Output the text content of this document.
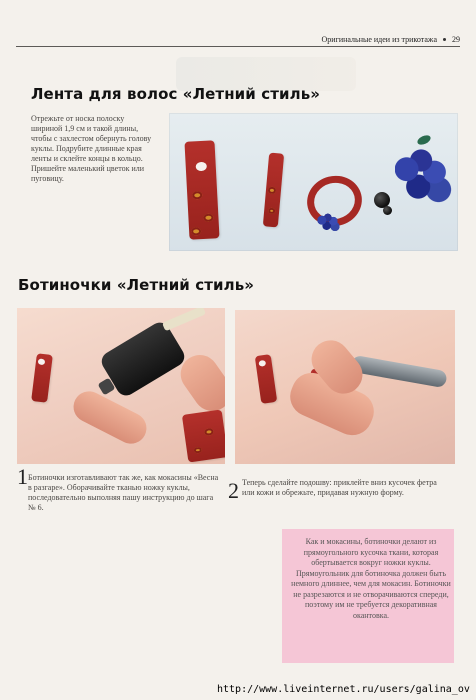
Оригинальные идеи из трикотажа 29
Лента для волос «Летний стиль»
Отрежьте от носка полоску шириной 1,9 см и такой длины, чтобы с захлестом обернуть голову куклы. Подрубите длинные края ленты и склейте концы в кольцо. Пришейте маленький цветок или пуговицу.
Ботиночки «Летний стиль»
1 Ботиночки изготавливают так же, как мокасины «Весна в разгаре». Оборачивайте тканью ножку куклы, последовательно выполняя пашу инструкцию до шага № 6.
2 Теперь сделайте подошву: приклейте вниз кусочек фетра или кожи и обрежьте, придавая нужную форму.
Как и мокасины, ботиночки делают из прямоугольного кусочка ткани, которая обертывается вокруг ножки куклы. Прямоугольник для ботиночка должен быть немного длиннее, чем для мокасин. Ботиночки не разрезаются и не отворачиваются спереди, поэтому им не требуется декоративная окантовка.
http://www.liveinternet.ru/users/galina_ov
